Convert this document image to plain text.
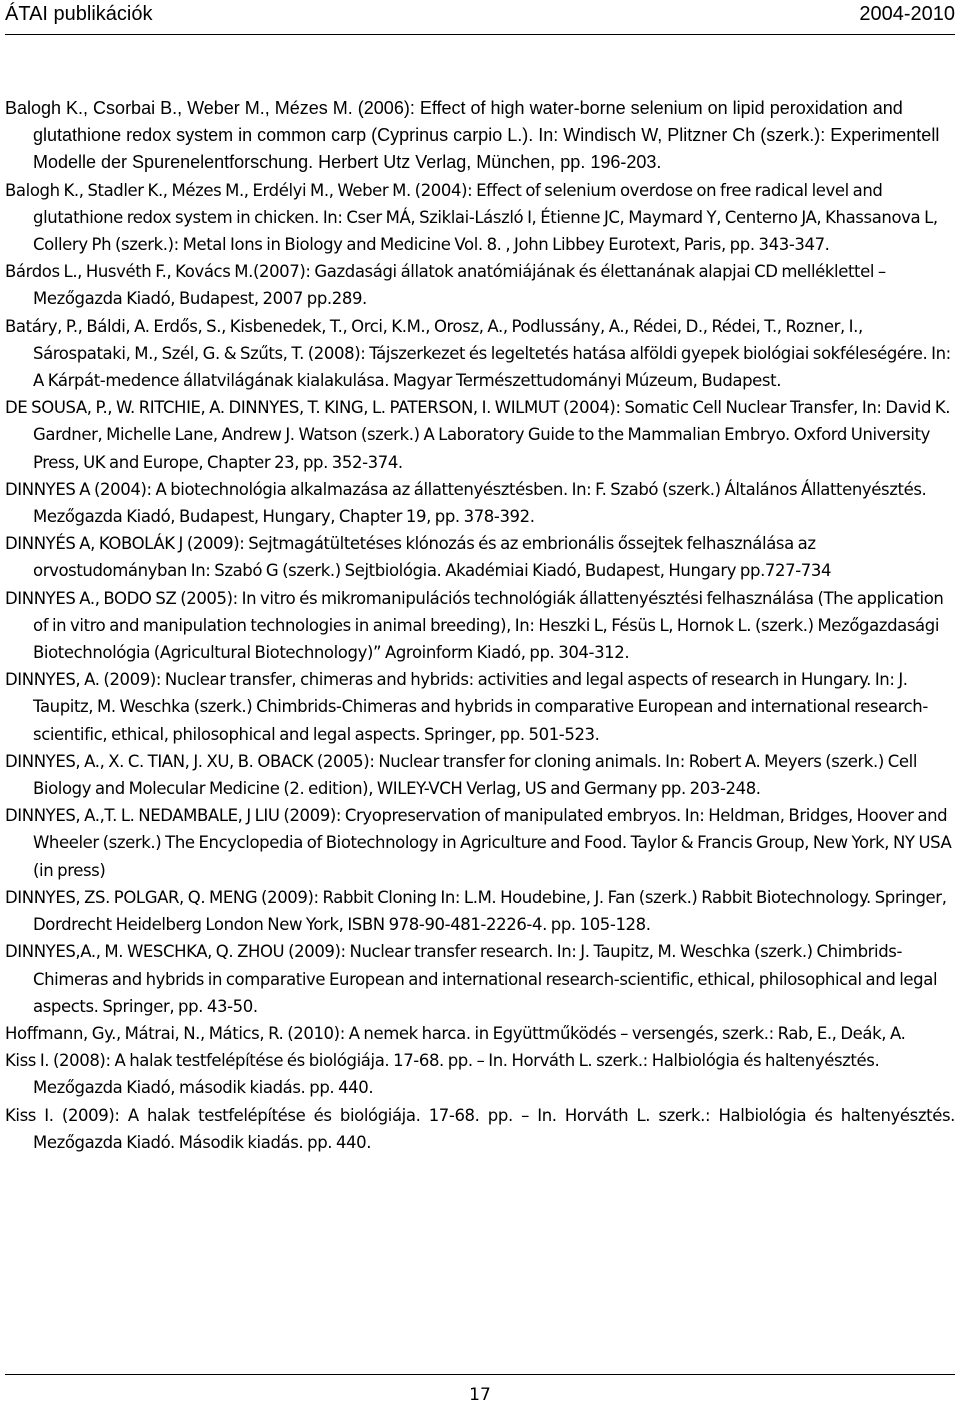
ÁTAI publikációk	2004-2010
Balogh K., Csorbai B., Weber M., Mézes M. (2006): Effect of high water-borne selenium on lipid peroxidation and glutathione redox system in common carp (Cyprinus carpio L.). In: Windisch W, Plitzner Ch (szerk.): Experimentell Modelle der Spurenelentforschung. Herbert Utz Verlag, München, pp. 196-203.
Balogh K., Stadler K., Mézes M., Erdélyi M., Weber M. (2004): Effect of selenium overdose on free radical level and glutathione redox system in chicken. In: Cser MÁ, Sziklai-László I, Étienne JC, Maymard Y, Centerno JA, Khassanova L, Collery Ph (szerk.): Metal Ions in Biology and Medicine Vol. 8. , John Libbey Eurotext, Paris, pp. 343-347.
Bárdos L., Husvéth F., Kovács M.(2007): Gazdasági állatok anatómiájának és élettanának alapjai CD melléklettel – Mezőgazda Kiadó, Budapest, 2007 pp.289.
Batáry, P., Báldi, A. Erdős, S., Kisbenedek, T., Orci, K.M., Orosz, A., Podlussány, A., Rédei, D., Rédei, T., Rozner, I., Sárospataki, M., Szél, G. & Szűts, T. (2008): Tájszerkezet és legeltetés hatása alföldi gyepek biológiai sokféleségére. In: A Kárpát-medence állatvilágának kialakulása. Magyar Természettudományi Múzeum, Budapest.
DE SOUSA, P., W. RITCHIE, A. DINNYES, T. KING, L. PATERSON, I. WILMUT (2004): Somatic Cell Nuclear Transfer, In: David K. Gardner, Michelle Lane, Andrew J. Watson (szerk.) A Laboratory Guide to the Mammalian Embryo. Oxford University Press, UK and Europe, Chapter 23, pp. 352-374.
DINNYES A (2004): A biotechnológia alkalmazása az állattenyésztésben. In: F. Szabó (szerk.) Általános Állattenyésztés. Mezőgazda Kiadó, Budapest, Hungary, Chapter 19, pp. 378-392.
DINNYÉS A, KOBOLÁK J (2009): Sejtmagátültetéses klónozás és az embrionális őssejtek felhasználása az orvostudományban In: Szabó G (szerk.) Sejtbiológia. Akadémiai Kiadó, Budapest, Hungary pp.727-734
DINNYES A., BODO SZ (2005): In vitro és mikromanipulációs technológiák állattenyésztési felhasználása (The application of in vitro and manipulation technologies in animal breeding), In: Heszki L, Fésüs L, Hornok L. (szerk.) Mezőgazdasági Biotechnológia (Agricultural Biotechnology)” Agroinform Kiadó, pp. 304-312.
DINNYES, A. (2009): Nuclear transfer, chimeras and hybrids: activities and legal aspects of research in Hungary. In: J. Taupitz, M. Weschka (szerk.) Chimbrids-Chimeras and hybrids in comparative European and international research-scientific, ethical, philosophical and legal aspects. Springer, pp. 501-523.
DINNYES, A., X. C. TIAN, J. XU, B. OBACK (2005): Nuclear transfer for cloning animals. In: Robert A. Meyers (szerk.) Cell Biology and Molecular Medicine (2. edition), WILEY-VCH Verlag, US and Germany pp. 203-248.
DINNYES, A.,T. L. NEDAMBALE, J LIU (2009): Cryopreservation of manipulated embryos. In: Heldman, Bridges, Hoover and Wheeler (szerk.) The Encyclopedia of Biotechnology in Agriculture and Food. Taylor & Francis Group, New York, NY USA (in press)
DINNYES, ZS. POLGAR, Q. MENG (2009): Rabbit Cloning In: L.M. Houdebine, J. Fan (szerk.) Rabbit Biotechnology. Springer, Dordrecht Heidelberg London New York, ISBN 978-90-481-2226-4. pp. 105-128.
DINNYES,A., M. WESCHKA, Q. ZHOU (2009): Nuclear transfer research. In: J. Taupitz, M. Weschka (szerk.) Chimbrids-Chimeras and hybrids in comparative European and international research-scientific, ethical, philosophical and legal aspects. Springer, pp. 43-50.
Hoffmann, Gy., Mátrai, N., Mátics, R. (2010): A nemek harca. in Együttműködés – versengés, szerk.: Rab, E., Deák, A.
Kiss I. (2008): A halak testfelépítése és biológiája. 17-68. pp. – In. Horváth L. szerk.: Halbiológia és haltenyésztés. Mezőgazda Kiadó, második kiadás. pp. 440.
Kiss I. (2009): A halak testfelépítése és biológiája. 17-68. pp. – In. Horváth L. szerk.: Halbiológia és haltenyésztés. Mezőgazda Kiadó. Második kiadás. pp. 440.
17
